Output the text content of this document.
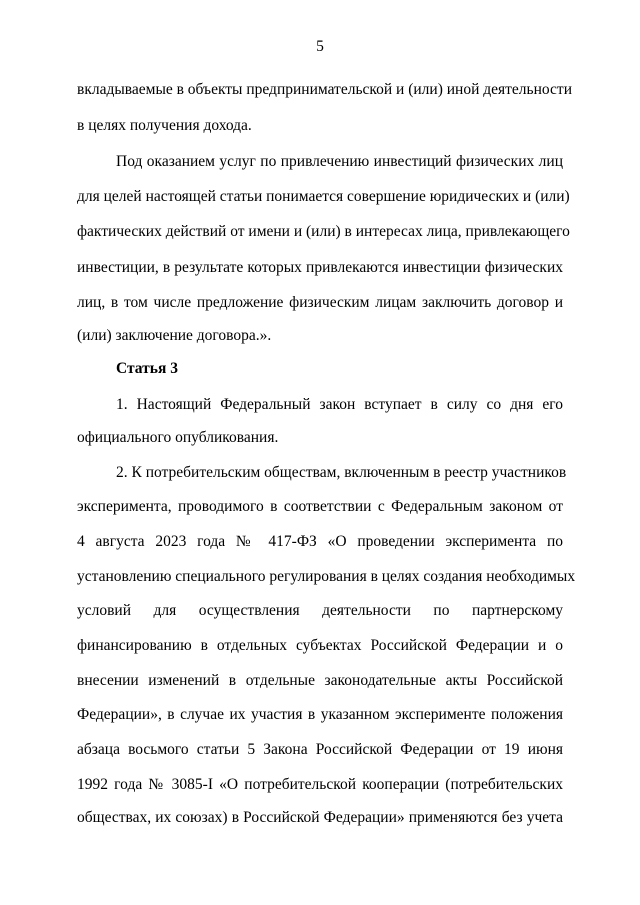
5
вкладываемые в объекты предпринимательской и (или) иной деятельности
в целях получения дохода.
Под оказанием услуг по привлечению инвестиций физических лиц
для целей настоящей статьи понимается совершение юридических и (или)
фактических действий от имени и (или) в интересах лица, привлекающего
инвестиции, в результате которых привлекаются инвестиции физических
лиц, в том числе предложение физическим лицам заключить договор и
(или) заключение договора.».
Статья 3
1. Настоящий Федеральный закон вступает в силу со дня его
официального опубликования.
2. К потребительским обществам, включенным в реестр участников
эксперимента, проводимого в соответствии с Федеральным законом от
4 августа 2023 года № 417-ФЗ «О проведении эксперимента по
установлению специального регулирования в целях создания необходимых
условий для осуществления деятельности по партнерскому
финансированию в отдельных субъектах Российской Федерации и о
внесении изменений в отдельные законодательные акты Российской
Федерации», в случае их участия в указанном эксперименте положения
абзаца восьмого статьи 5 Закона Российской Федерации от 19 июня
1992 года № 3085-I «О потребительской кооперации (потребительских
обществах, их союзах) в Российской Федерации» применяются без учета
